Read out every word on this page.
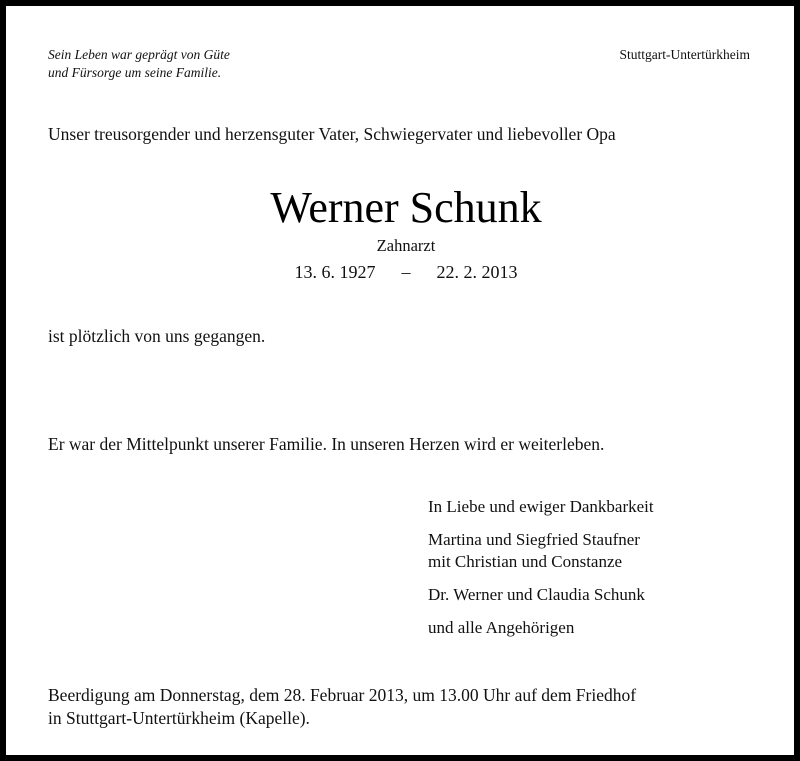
Sein Leben war geprägt von Güte
und Fürsorge um seine Familie.
Stuttgart-Untertürkheim
Unser treusorgender und herzensguter Vater, Schwiegervater und liebevoller Opa
Werner Schunk
Zahnarzt
13. 6. 1927 – 22. 2. 2013
ist plötzlich von uns gegangen.
Er war der Mittelpunkt unserer Familie. In unseren Herzen wird er weiterleben.
In Liebe und ewiger Dankbarkeit
Martina und Siegfried Staufner
mit Christian und Constanze
Dr. Werner und Claudia Schunk
und alle Angehörigen
Beerdigung am Donnerstag, dem 28. Februar 2013, um 13.00 Uhr auf dem Friedhof
in Stuttgart-Untertürkheim (Kapelle).
